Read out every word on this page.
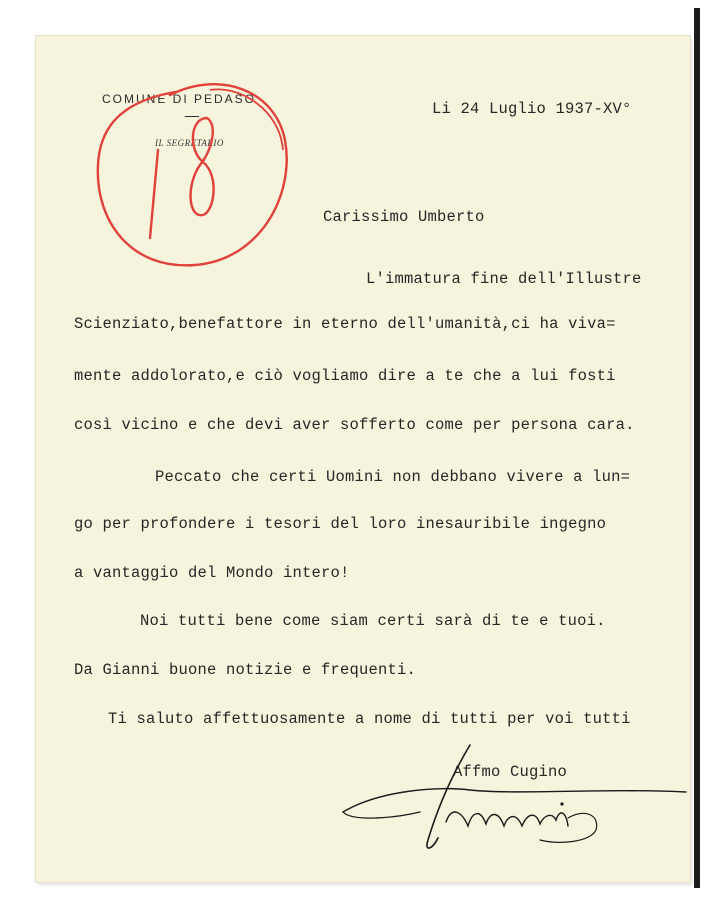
COMUNE DI PEDASO
IL SEGRETARIO
Li 24 Luglio 1937-XV°
Carissimo Umberto
L'immatura fine dell'Illustre
Scienziato,benefattore in eterno dell'umanità,ci ha viva=
mente addolorato,e ciò vogliamo dire a te che a lui fosti
così vicino e che devi aver sofferto come per persona cara.
Peccato che certi Uomini non debbano vivere a lun=
go per profondere i tesori del loro inesauribile ingegno
a vantaggio del Mondo intero!
Noi tutti bene come siam certi sarà di te e tuoi.
Da Gianni buone notizie e frequenti.
Ti saluto affettuosamente a nome di tutti per voi tutti
Affmo Cugino
